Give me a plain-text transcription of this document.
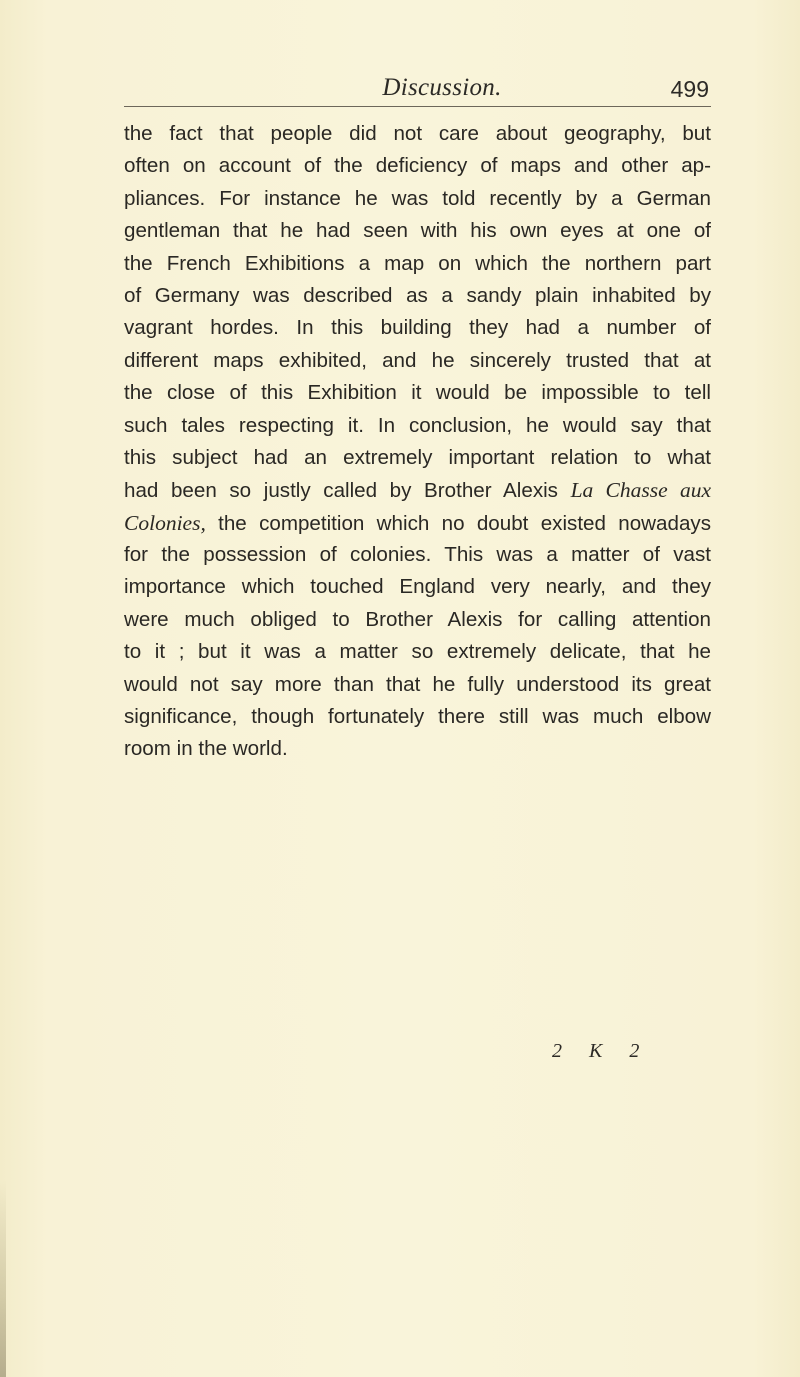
Discussion.	499
the fact that people did not care about geography, but
often on account of the deficiency of maps and other ap-
pliances. For instance he was told recently by a German
gentleman that he had seen with his own eyes at one of
the French Exhibitions a map on which the northern part
of Germany was described as a sandy plain inhabited by
vagrant hordes. In this building they had a number of
different maps exhibited, and he sincerely trusted that at
the close of this Exhibition it would be impossible to tell
such tales respecting it. In conclusion, he would say that
this subject had an extremely important relation to what
had been so justly called by Brother Alexis La Chasse aux
Colonies, the competition which no doubt existed nowadays
for the possession of colonies. This was a matter of vast
importance which touched England very nearly, and they
were much obliged to Brother Alexis for calling attention
to it ; but it was a matter so extremely delicate, that he
would not say more than that he fully understood its great
significance, though fortunately there still was much elbow
room in the world.
2 K 2
